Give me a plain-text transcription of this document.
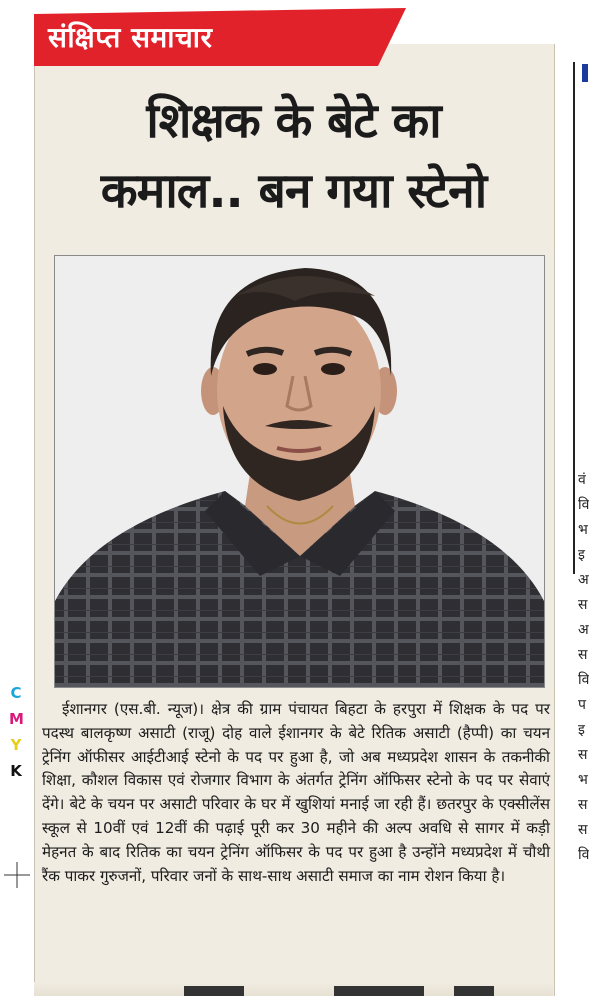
संक्षिप्त समाचार
शिक्षक के बेटे का
कमाल.. बन गया स्टेनो
ईशानगर (एस.बी. न्यूज)। क्षेत्र की ग्राम पंचायत बिहटा के हरपुरा में शिक्षक के पद पर पदस्थ बालकृष्ण असाटी (राजू) दोह वाले ईशानगर के बेटे रितिक असाटी (हैप्पी) का चयन ट्रेनिंग ऑफीसर आईटीआई स्टेनो के पद पर हुआ है, जो अब मध्यप्रदेश शासन के तकनीकी शिक्षा, कौशल विकास एवं रोजगार विभाग के अंतर्गत ट्रेनिंग ऑफिसर स्टेनो के पद पर सेवाएं देंगे। बेटे के चयन पर असाटी परिवार के घर में खुशियां मनाई जा रही हैं। छतरपुर के एक्सीलेंस स्कूल से 10वीं एवं 12वीं की पढ़ाई पूरी कर 30 महीने की अल्प अवधि से सागर में कड़ी मेहनत के बाद रितिक का चयन ट्रेनिंग ऑफिसर के पद पर हुआ है उन्होंने मध्यप्रदेश में चौथी रैंक पाकर गुरुजनों, परिवार जनों के साथ-साथ असाटी समाज का नाम रोशन किया है।
C
M
Y
K
वं
वि
भ
इ
अ
स
अ
स
वि
प
इ
स
भ
स
स
वि
